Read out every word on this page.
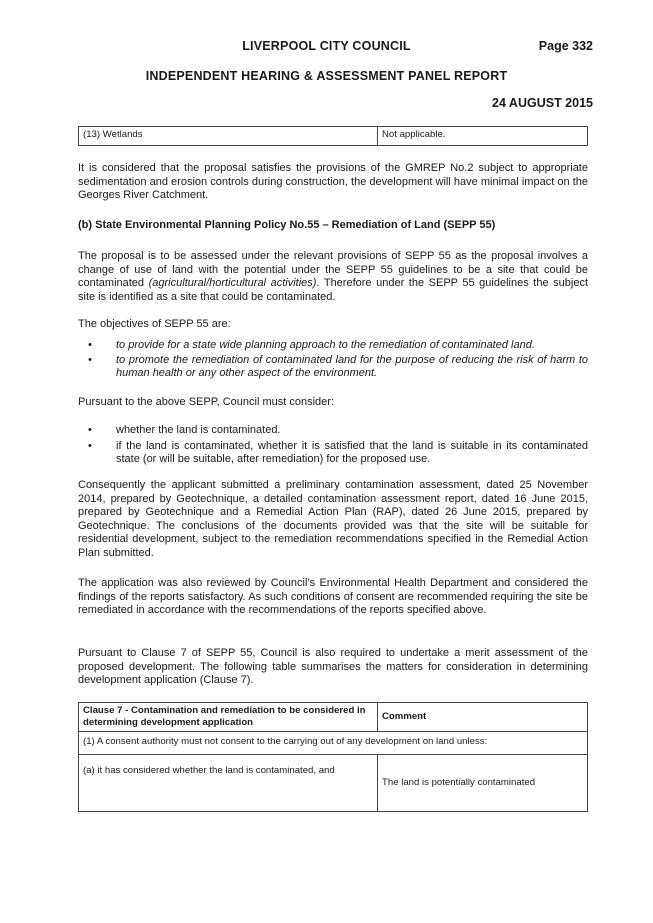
LIVERPOOL CITY COUNCIL	Page 332
INDEPENDENT HEARING & ASSESSMENT PANEL REPORT
24 AUGUST 2015
(13) Wetlands	Not applicable.

It is considered that the proposal satisfies the provisions of the GMREP No.2 subject to appropriate sedimentation and erosion controls during construction, the development will have minimal impact on the Georges River Catchment.

(b) State Environmental Planning Policy No.55 – Remediation of Land (SEPP 55)

The proposal is to be assessed under the relevant provisions of SEPP 55 as the proposal involves a change of use of land with the potential under the SEPP 55 guidelines to be a site that could be contaminated (agricultural/horticultural activities). Therefore under the SEPP 55 guidelines the subject site is identified as a site that could be contaminated.

The objectives of SEPP 55 are:

• to provide for a state wide planning approach to the remediation of contaminated land.
• to promote the remediation of contaminated land for the purpose of reducing the risk of harm to human health or any other aspect of the environment.

Pursuant to the above SEPP, Council must consider:

• whether the land is contaminated.
• if the land is contaminated, whether it is satisfied that the land is suitable in its contaminated state (or will be suitable, after remediation) for the proposed use.

Consequently the applicant submitted a preliminary contamination assessment, dated 25 November 2014, prepared by Geotechnique, a detailed contamination assessment report, dated 16 June 2015, prepared by Geotechnique and a Remedial Action Plan (RAP), dated 26 June 2015, prepared by Geotechnique. The conclusions of the documents provided was that the site will be suitable for residential development, subject to the remediation recommendations specified in the Remedial Action Plan submitted.

The application was also reviewed by Council’s Environmental Health Department and considered the findings of the reports satisfactory. As such conditions of consent are recommended requiring the site be remediated in accordance with the recommendations of the reports specified above.

Pursuant to Clause 7 of SEPP 55, Council is also required to undertake a merit assessment of the proposed development. The following table summarises the matters for consideration in determining development application (Clause 7).

Clause 7 - Contamination and remediation to be considered in determining development application	Comment
(1) A consent authority must not consent to the carrying out of any development on land unless:	
(a) it has considered whether the land is contaminated, and	The land is potentially contaminated
